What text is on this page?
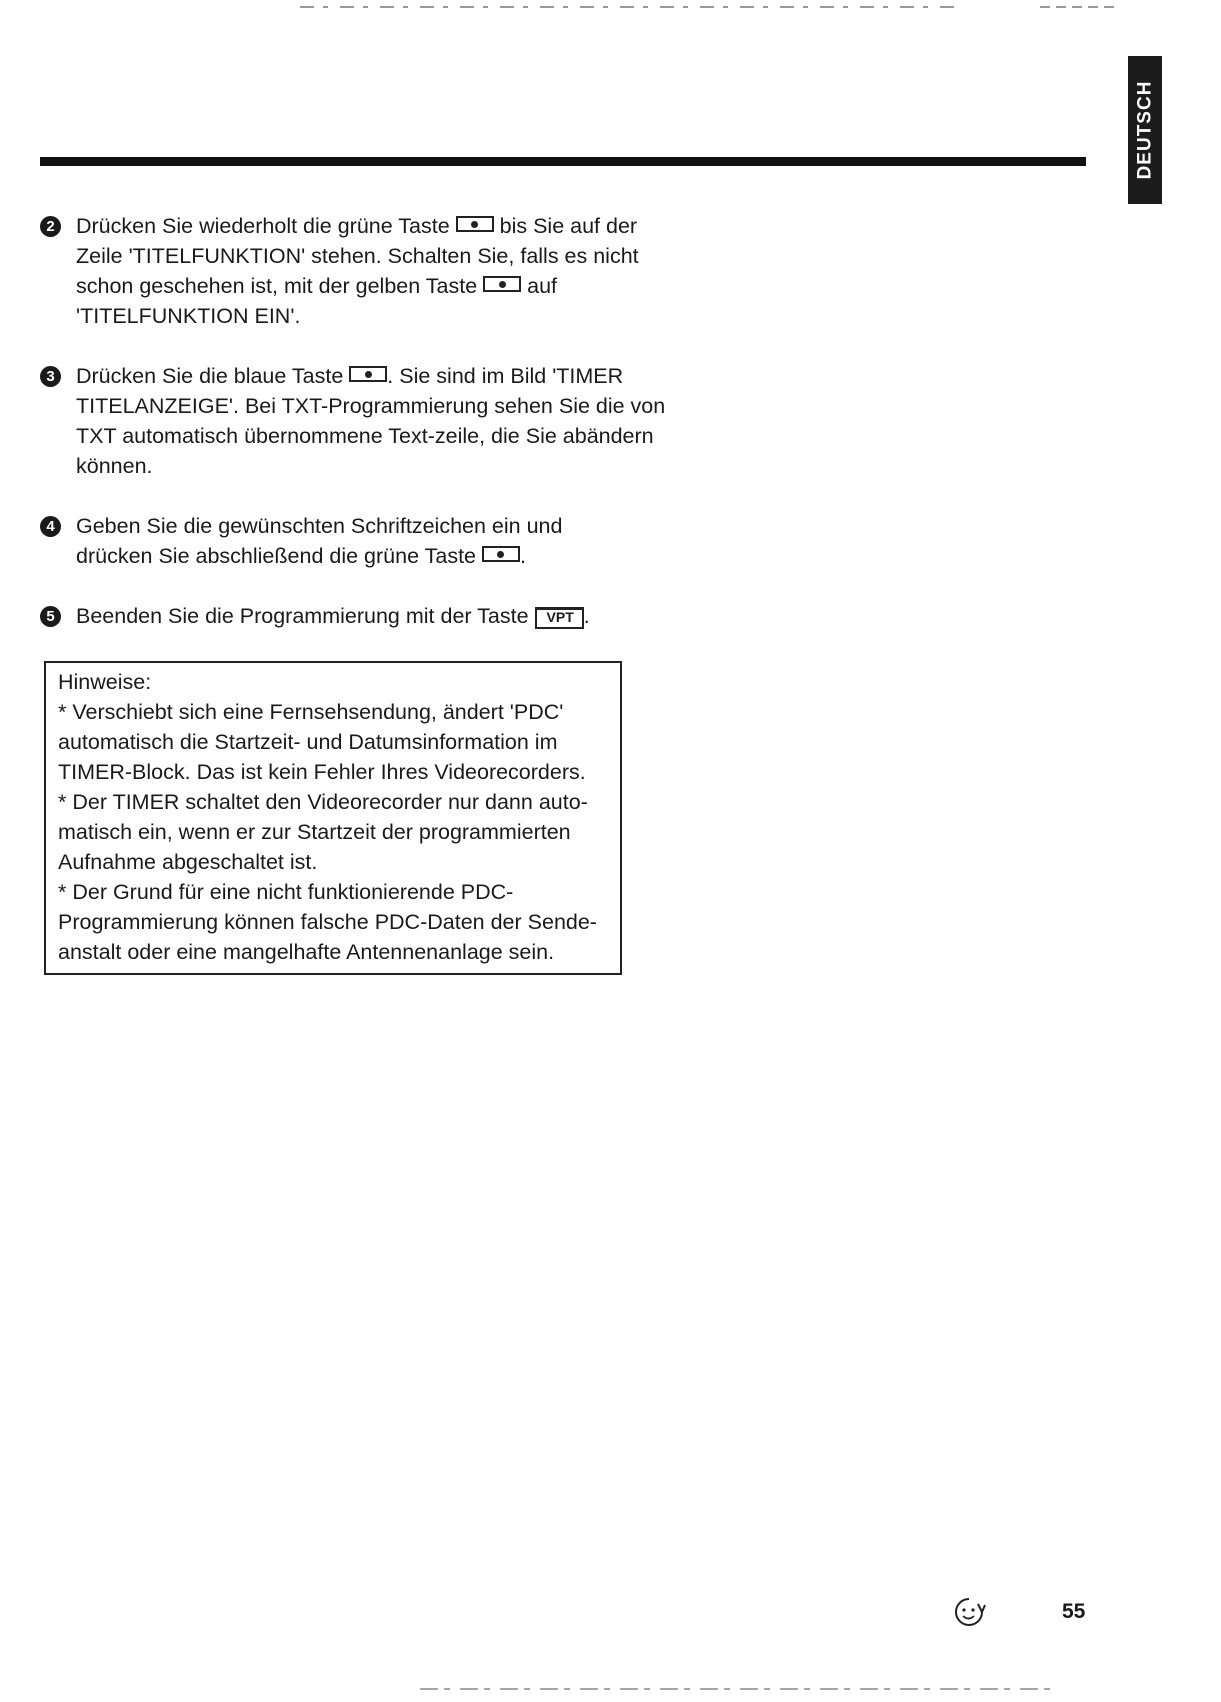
DEUTSCH
2 Drücken Sie wiederholt die grüne Taste  bis Sie auf der Zeile 'TITELFUNKTION' stehen. Schalten Sie, falls es nicht schon geschehen ist, mit der gelben Taste  auf 'TITELFUNKTION EIN'.
3 Drücken Sie die blaue Taste . Sie sind im Bild 'TIMER TITELANZEIGE'. Bei TXT-Programmierung sehen Sie die von TXT automatisch übernommene Text-zeile, die Sie abändern können.
4 Geben Sie die gewünschten Schriftzeichen ein und drücken Sie abschließend die grüne Taste .
5 Beenden Sie die Programmierung mit der Taste VPT .
Hinweise:
* Verschiebt sich eine Fernsehsendung, ändert 'PDC' automatisch die Startzeit- und Datumsinformation im TIMER-Block. Das ist kein Fehler Ihres Videorecorders.
* Der TIMER schaltet den Videorecorder nur dann auto-matisch ein, wenn er zur Startzeit der programmierten Aufnahme abgeschaltet ist.
* Der Grund für eine nicht funktionierende PDC-Programmierung können falsche PDC-Daten der Sende-anstalt oder eine mangelhafte Antennenanlage sein.
55
